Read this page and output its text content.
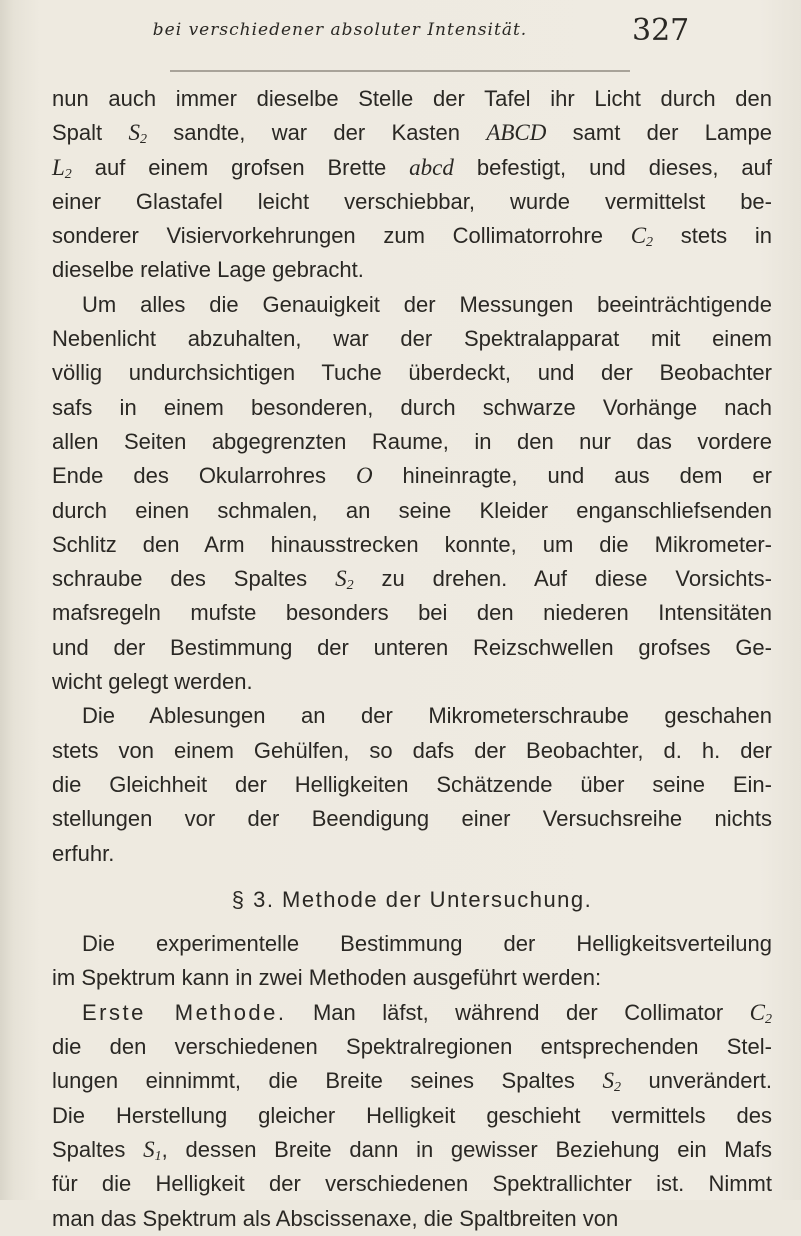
bei verschiedener absoluter Intensität.	327
nun auch immer dieselbe Stelle der Tafel ihr Licht durch den
Spalt $S_2$ sandte, war der Kasten ABCD samt der Lampe
$L_2$ auf einem grofsen Brette abcd befestigt, und dieses, auf
einer Glastafel leicht verschiebbar, wurde vermittelst be-
sonderer Visiervorkehrungen zum Collimatorrohre $C_2$ stets in
dieselbe relative Lage gebracht.
Um alles die Genauigkeit der Messungen beeinträchtigende
Nebenlicht abzuhalten, war der Spektralapparat mit einem
völlig undurchsichtigen Tuche überdeckt, und der Beobachter
safs in einem besonderen, durch schwarze Vorhänge nach
allen Seiten abgegrenzten Raume, in den nur das vordere
Ende des Okularrohres O hineinragte, und aus dem er
durch einen schmalen, an seine Kleider enganschliefsenden
Schlitz den Arm hinausstrecken konnte, um die Mikrometer-
schraube des Spaltes $S_2$ zu drehen. Auf diese Vorsichts-
mafsregeln mufste besonders bei den niederen Intensitäten
und der Bestimmung der unteren Reizschwellen grofses Ge-
wicht gelegt werden.
Die Ablesungen an der Mikrometerschraube geschahen
stets von einem Gehülfen, so dafs der Beobachter, d. h. der
die Gleichheit der Helligkeiten Schätzende über seine Ein-
stellungen vor der Beendigung einer Versuchsreihe nichts
erfuhr.
§ 3. Methode der Untersuchung.
Die experimentelle Bestimmung der Helligkeitsverteilung
im Spektrum kann in zwei Methoden ausgeführt werden:
Erste Methode. Man läfst, während der Collimator $C_2$
die den verschiedenen Spektralregionen entsprechenden Stel-
lungen einnimmt, die Breite seines Spaltes $S_2$ unverändert.
Die Herstellung gleicher Helligkeit geschieht vermittels des
Spaltes $S_1$, dessen Breite dann in gewisser Beziehung ein Mafs
für die Helligkeit der verschiedenen Spektrallichter ist. Nimmt
man das Spektrum als Abscissenaxe, die Spaltbreiten von
